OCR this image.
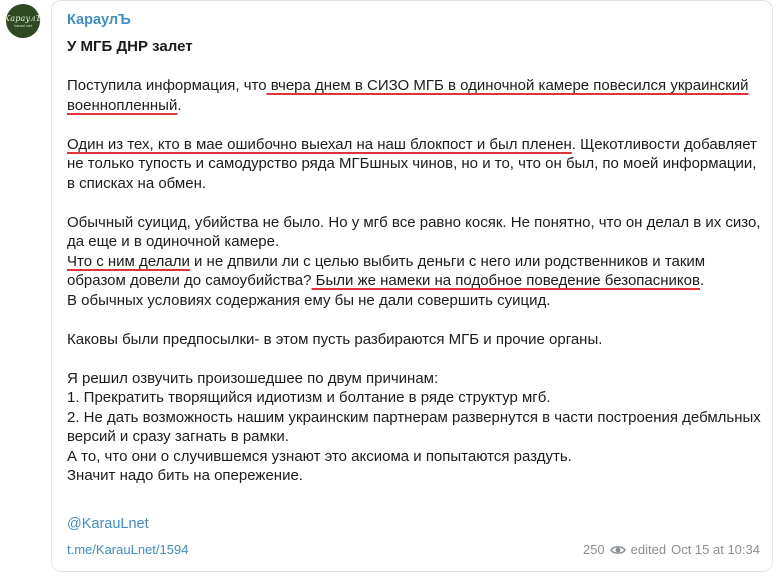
КараулЪ
karaul.net КараулЪ
У МГБ ДНР залет
Поступила информация, что вчера днем в СИЗО МГБ в одиночной камере повесился украинский военнопленный.
Один из тех, кто в мае ошибочно выехал на наш блокпост и был пленен. Щекотливости добавляет не только тупость и самодурство ряда МГБшных чинов, но и то, что он был, по моей информации, в списках на обмен.
Обычный суицид, убийства не было. Но у мгб все равно косяк. Не понятно, что он делал в их сизо, да еще и в одиночной камере.
Что с ним делали и не дпвили ли с целью выбить деньги с него или родственников и таким образом довели до самоубийства? Были же намеки на подобное поведение безопасников.
В обычных условиях содержания ему бы не дали совершить суицид.
Каковы были предпосылки- в этом пусть разбираются МГБ и прочие органы.
Я решил озвучить произошедшее по двум причинам:
1. Прекратить творящийся идиотизм и болтание в ряде структур мгб.
2. Не дать возможность нашим украинским партнерам развернутся в части построения дебмльных версий и сразу загнать в рамки.
А то, что они о случившемся узнают это аксиома и попытаются раздуть.
Значит надо бить на опережение.
@KarauLnet
t.me/KarauLnet/1594	250 edited Oct 15 at 10:34
